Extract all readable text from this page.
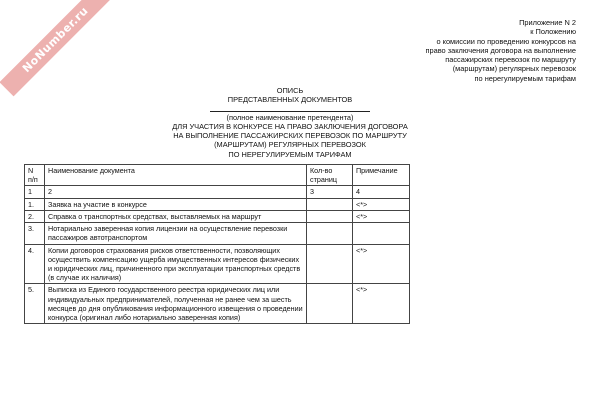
NoNumber.ru	Приложение N 2
к Положению
о комиссии по проведению конкурсов на
право заключения договора на выполнение
пассажирских перевозок по маршруту
(маршрутам) регулярных перевозок
по нерегулируемым тарифам
ОПИСЬ
ПРЕДСТАВЛЕННЫХ ДОКУМЕНТОВ
(полное наименование претендента)
ДЛЯ УЧАСТИЯ В КОНКУРСЕ НА ПРАВО ЗАКЛЮЧЕНИЯ ДОГОВОРА
НА ВЫПОЛНЕНИЕ ПАССАЖИРСКИХ ПЕРЕВОЗОК ПО МАРШРУТУ
(МАРШРУТАМ) РЕГУЛЯРНЫХ ПЕРЕВОЗОК
ПО НЕРЕГУЛИРУЕМЫМ ТАРИФАМ
N п/п	Наименование документа	Кол-во страниц	Примечание
1	2	3	4
1.	Заявка на участие в конкурсе		<*>
2.	Справка о транспортных средствах, выставляемых на маршрут		<*>
3.	Нотариально заверенная копия лицензии на осуществление перевозки пассажиров автотранспортом		
4.	Копии договоров страхования рисков ответственности, позволяющих осуществить компенсацию ущерба имущественных интересов физических и юридических лиц, причиненного при эксплуатации транспортных средств (в случае их наличия)		<*>
5.	Выписка из Единого государственного реестра юридических лиц или индивидуальных предпринимателей, полученная не ранее чем за шесть месяцев до дня опубликования информационного извещения о проведении конкурса (оригинал либо нотариально заверенная копия)		<*>
